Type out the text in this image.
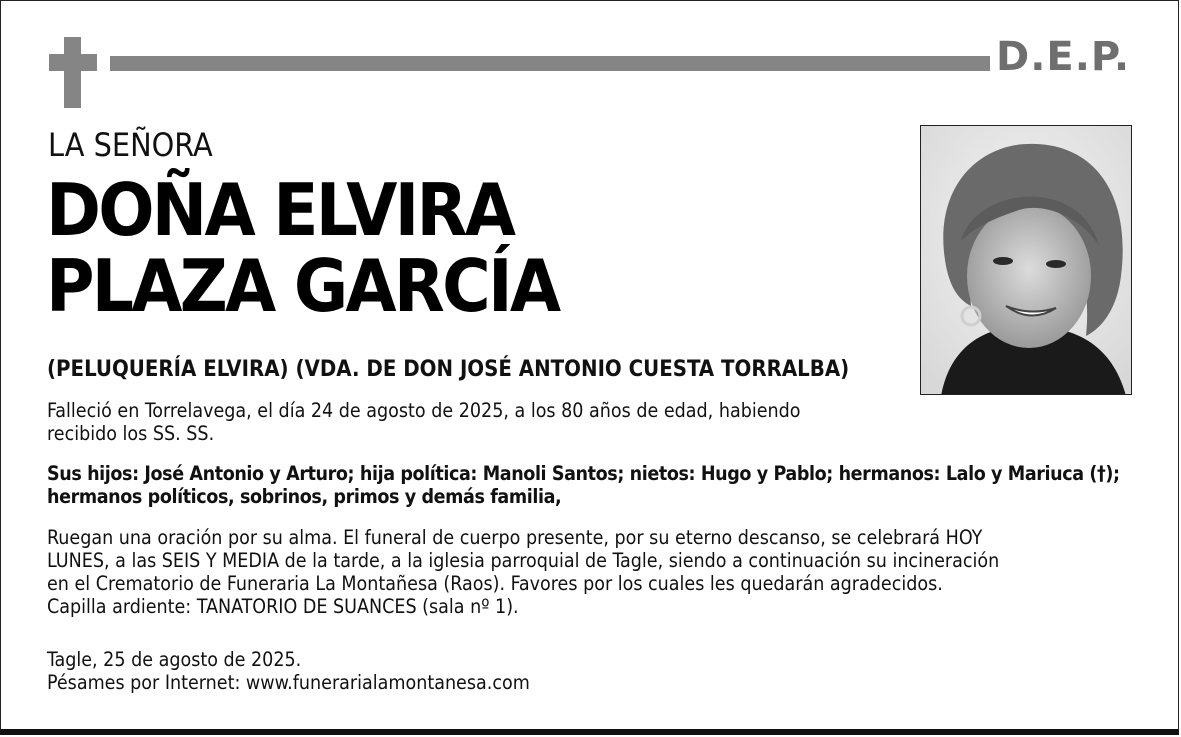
D.E.P.
LA SEÑORA
DOÑA ELVIRA
PLAZA GARCÍA
(PELUQUERÍA ELVIRA) (VDA. DE DON JOSÉ ANTONIO CUESTA TORRALBA)
Falleció en Torrelavega, el día 24 de agosto de 2025, a los 80 años de edad, habiendo
recibido los SS. SS.
Sus hijos: José Antonio y Arturo; hija política: Manoli Santos; nietos: Hugo y Pablo; hermanos: Lalo y Mariuca (†);
hermanos políticos, sobrinos, primos y demás familia,
Ruegan una oración por su alma. El funeral de cuerpo presente, por su eterno descanso, se celebrará HOY
LUNES, a las SEIS Y MEDIA de la tarde, a la iglesia parroquial de Tagle, siendo a continuación su incineración
en el Crematorio de Funeraria La Montañesa (Raos). Favores por los cuales les quedarán agradecidos.
Capilla ardiente: TANATORIO DE SUANCES (sala nº 1).
Tagle, 25 de agosto de 2025.
Pésames por Internet: www.funerarialamontanesa.com
